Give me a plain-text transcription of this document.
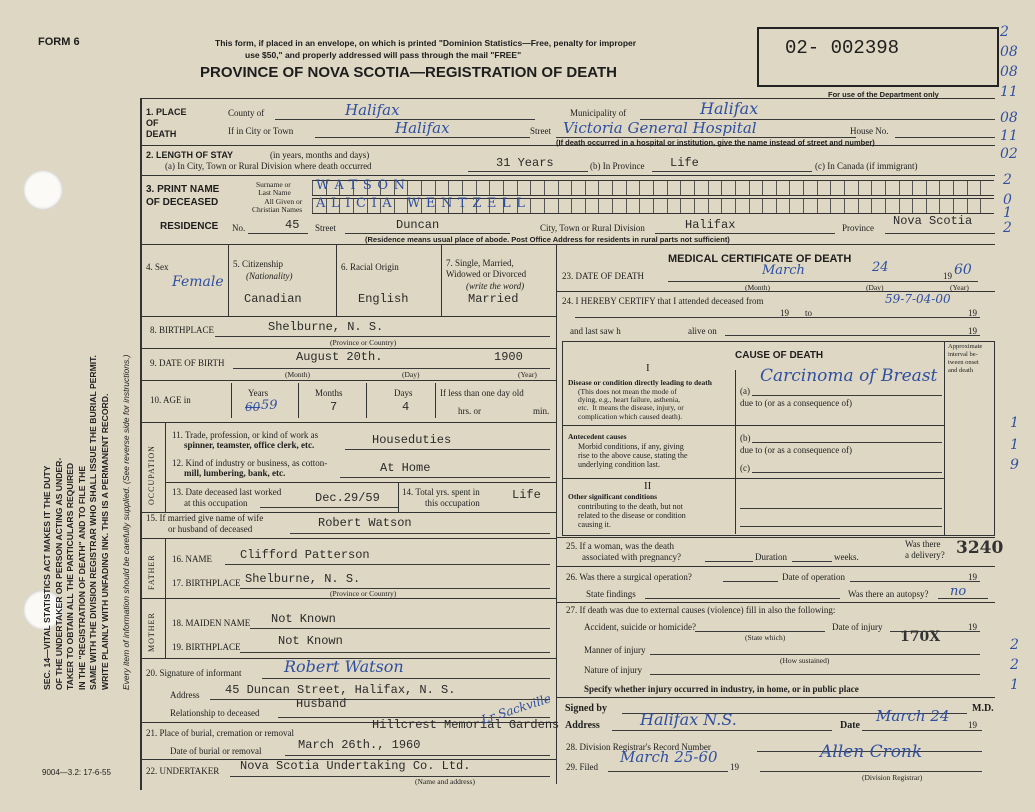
FORM 6	This form, if placed in an envelope, on which is printed "Dominion Statistics—Free, penalty for improper
use $50," and properly addressed will pass through the mail "FREE"
PROVINCE OF NOVA SCOTIA—REGISTRATION OF DEATH
02- 002398
For use of the Department only
2
08
08
11
08
11
02
2
0
1
2
1
1
9
2
2
1
SEC. 14—VITAL STATISTICS ACT MAKES IT THE DUTY OF THE UNDERTAKER OR PERSON ACTING AS UNDER- TAKER TO OBTAIN ALL THE PARTICULARS REQUIRED IN THE "REGISTRATION OF DEATH" AND TO FILE THE SAME WITH THE DIVISION REGISTRAR WHO SHALL ISSUE THE BURIAL PERMIT. WRITE PLAINLY WITH UNFADING INK. THIS IS A PERMANENT RECORD. Every item of information should be carefully supplied. (See reverse side for instructions.)
9004—3.2: 17-6-55
1. PLACE
OF
DEATH
County of	Halifax	Municipality of	Halifax
If in City or Town	Halifax	Street Victoria General Hospital	House No.
(If death occurred in a hospital or institution, give the name instead of street and number)
2. LENGTH OF STAY	(in years, months and days)
(a) In City, Town or Rural Division where death occurred	31 Years	(b) In Province Life	(c) In Canada (if immigrant)
3. PRINT NAME
OF DECEASED
Surname or
Last Name WATSON
All Given or
Christian Names ALICIA WENTZELL
RESIDENCE No.	45 Street	Duncan	City, Town or Rural Division	Halifax	Province Nova Scotia
(Residence means usual place of abode. Post Office Address for residents in rural parts not sufficient)
4. Sex
Female
5. Citizenship
(Nationality)
Canadian
6. Racial Origin
English
7. Single, Married,
Widowed or Divorced
(write the word)
Married
8. BIRTHPLACE	Shelburne, N. S.
(Province or Country)
9. DATE OF BIRTH	August 20th.	1900
(Month)	(Day)	(Year)
10. AGE in
Years
60 59
Months
7
Days
4
If less than one day old
hrs. or	min.
OCCUPATION
11. Trade, profession, or kind of work as
spinner, teamster, office clerk, etc.	Houseduties
12. Kind of industry or business, as cotton-
mill, lumbering, bank, etc.	At Home
13. Date deceased last worked
at this occupation	Dec.29/59 14. Total yrs. spent in
this occupation
Life
15. If married give name of wife
or husband of deceased	Robert Watson
FATHER 16. NAME Clifford Patterson
17. BIRTHPLACE Shelburne, N. S.
(Province or Country)
MOTHER 18. MAIDEN NAME Not Known
19. BIRTHPLACE	Not Known
20. Signature of informant	Robert Watson
Address 45 Duncan Street, Halifax, N. S.
Relationship to deceased
Husband
21. Place of burial, cremation or removal
Hillcrest Memorial Gardens
Lr Sackville
Date of burial or removal	March 26th., 1960
22. UNDERTAKER Nova Scotia Undertaking Co. Ltd.
(Name and address)
MEDICAL CERTIFICATE OF DEATH
23. DATE OF DEATH	March	24
19 60
(Month)	(Day)	(Year)
24. I HEREBY CERTIFY that I attended deceased from	59-7-04-00
19 to	19
and last saw h	alive on	19
CAUSE OF DEATH
Approximate
interval be-
tween onset
and death
I
Disease or condition directly leading to death
(This does not mean the mode of
dying, e.g., heart failure, asthenia,
etc.  It means the disease, injury, or
complication which caused death).
(a)
Carcinoma of Breast
due to (or as a consequence of)
Antecedent causes
Morbid conditions, if any, giving
rise to the above cause, stating the
underlying condition last.
(b)
due to (or as a consequence of)
(c)
II
Other significant conditions
contributing to the death, but not
related to the disease or condition
causing it.
25. If a woman, was the death
associated with pregnancy?	Duration	weeks.
Was there
a delivery? 3240
26. Was there a surgical operation?	Date of operation	19
State findings	Was there an autopsy? no
27. If death was due to external causes (violence) fill in also the following:
Accident, suicide or homicide?
(State which)
Date of injury	19
Manner of injury
170X
(How sustained)
Nature of injury
Specify whether injury occurred in industry, in home, or in public place
Signed by	M.D.
Address	Halifax N.S.	Date
March 24 19
28. Division Registrar's Record Number
29. Filed
March 25-60
19
Allen Cronk
(Division Registrar)
